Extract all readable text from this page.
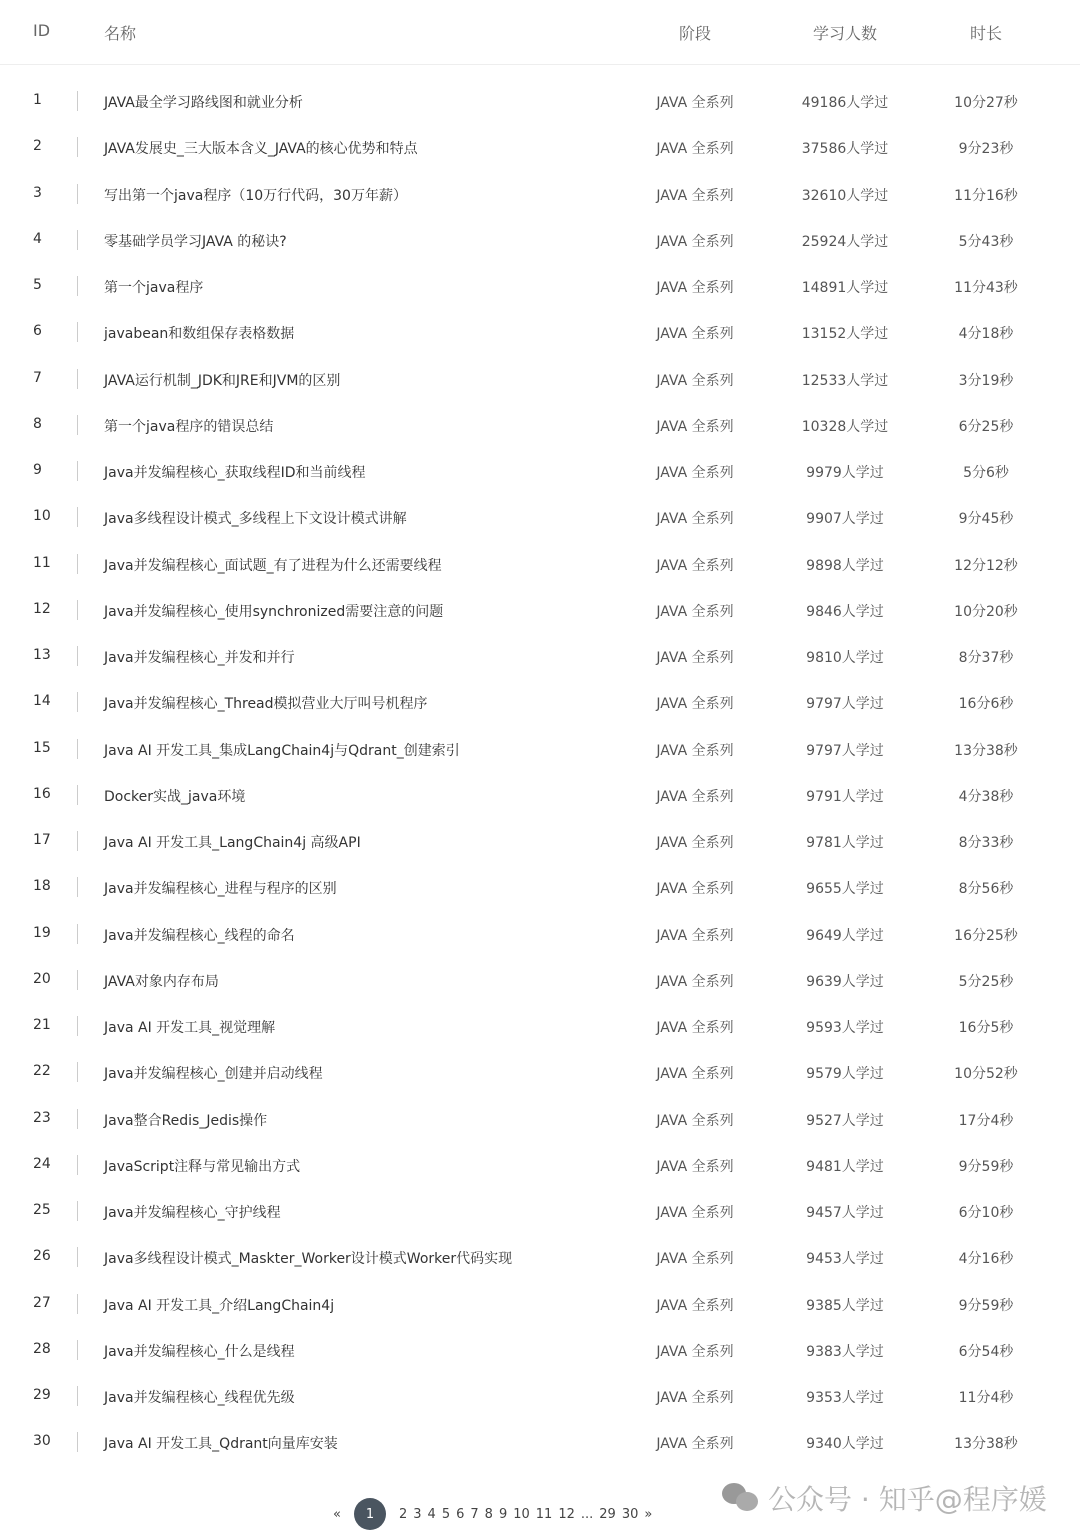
ID	名称	阶段	学习人数	时长
1	JAVA最全学习路线图和就业分析	JAVA 全系列	49186人学过	10分27秒
2	JAVA发展史_三大版本含义_JAVA的核心优势和特点	JAVA 全系列	37586人学过	9分23秒
3	写出第一个java程序（10万行代码，30万年薪）	JAVA 全系列	32610人学过	11分16秒
4	零基础学员学习JAVA 的秘诀?	JAVA 全系列	25924人学过	5分43秒
5	第一个java程序	JAVA 全系列	14891人学过	11分43秒
6	javabean和数组保存表格数据	JAVA 全系列	13152人学过	4分18秒
7	JAVA运行机制_JDK和JRE和JVM的区别	JAVA 全系列	12533人学过	3分19秒
8	第一个java程序的错误总结	JAVA 全系列	10328人学过	6分25秒
9	Java并发编程核心_获取线程ID和当前线程	JAVA 全系列	9979人学过	5分6秒
10	Java多线程设计模式_多线程上下文设计模式讲解	JAVA 全系列	9907人学过	9分45秒
11	Java并发编程核心_面试题_有了进程为什么还需要线程	JAVA 全系列	9898人学过	12分12秒
12	Java并发编程核心_使用synchronized需要注意的问题	JAVA 全系列	9846人学过	10分20秒
13	Java并发编程核心_并发和并行	JAVA 全系列	9810人学过	8分37秒
14	Java并发编程核心_Thread模拟营业大厅叫号机程序	JAVA 全系列	9797人学过	16分6秒
15	Java AI 开发工具_集成LangChain4j与Qdrant_创建索引	JAVA 全系列	9797人学过	13分38秒
16	Docker实战_java环境	JAVA 全系列	9791人学过	4分38秒
17	Java AI 开发工具_LangChain4j 高级API	JAVA 全系列	9781人学过	8分33秒
18	Java并发编程核心_进程与程序的区别	JAVA 全系列	9655人学过	8分56秒
19	Java并发编程核心_线程的命名	JAVA 全系列	9649人学过	16分25秒
20	JAVA对象内存布局	JAVA 全系列	9639人学过	5分25秒
21	Java AI 开发工具_视觉理解	JAVA 全系列	9593人学过	16分5秒
22	Java并发编程核心_创建并启动线程	JAVA 全系列	9579人学过	10分52秒
23	Java整合Redis_Jedis操作	JAVA 全系列	9527人学过	17分4秒
24	JavaScript注释与常见输出方式	JAVA 全系列	9481人学过	9分59秒
25	Java并发编程核心_守护线程	JAVA 全系列	9457人学过	6分10秒
26	Java多线程设计模式_Maskter_Worker设计模式Worker代码实现	JAVA 全系列	9453人学过	4分16秒
27	Java AI 开发工具_介绍LangChain4j	JAVA 全系列	9385人学过	9分59秒
28	Java并发编程核心_什么是线程	JAVA 全系列	9383人学过	6分54秒
29	Java并发编程核心_线程优先级	JAVA 全系列	9353人学过	11分4秒
30	Java AI 开发工具_Qdrant向量库安装	JAVA 全系列	9340人学过	13分38秒
«	1	2 3 4 5 6 7 8 9 10 11 12 ... 29 30 »	公众号 · 知乎@程序媛
